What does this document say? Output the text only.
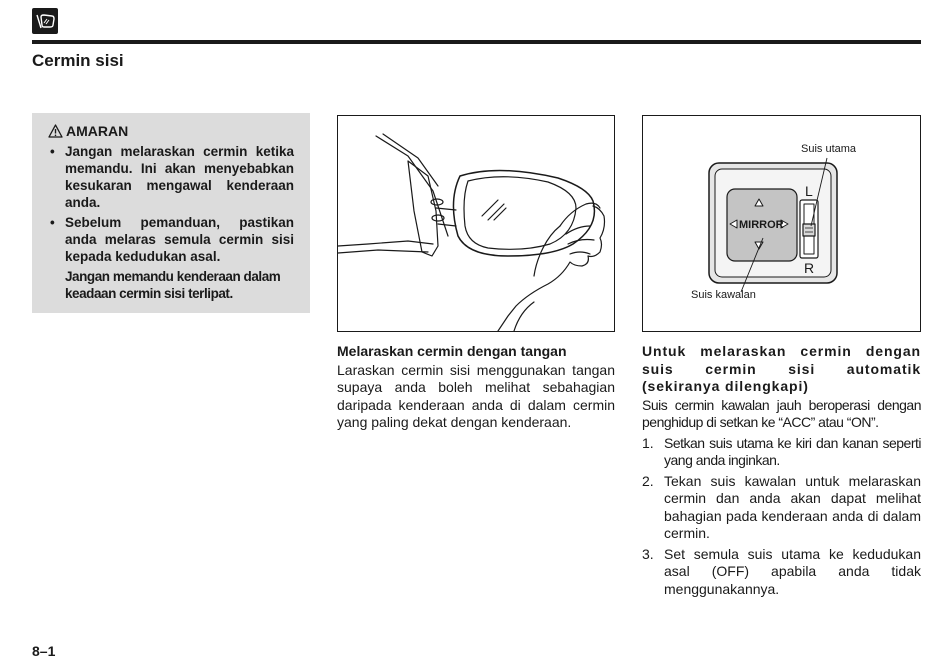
Cermin sisi
AMARAN
• Jangan melaraskan cermin ketika memandu. Ini akan menyebabkan kesukaran mengawal kenderaan anda.
• Sebelum pemanduan, pastikan anda melaras semula cermin sisi kepada kedudukan asal.
Jangan memandu kenderaan dalam keadaan cermin sisi terlipat.
MIRROR
L
R
Suis utama
Suis kawalan
Melaraskan cermin dengan tangan

Laraskan cermin sisi menggunakan tangan supaya anda boleh melihat sebahagian daripada kenderaan anda di dalam cermin yang paling dekat dengan kenderaan.

Untuk melaraskan cermin dengan suis cermin sisi automatik (sekiranya dilengkapi)

Suis cermin kawalan jauh beroperasi dengan penghidup di setkan ke “ACC” atau “ON”.

1. Setkan suis utama ke kiri dan kanan seperti yang anda inginkan.
2. Tekan suis kawalan untuk melaraskan cermin dan anda akan dapat melihat bahagian pada kenderaan anda di dalam cermin.
3. Set semula suis utama ke kedudukan asal (OFF) apabila anda tidak menggunakannya.
8–1
